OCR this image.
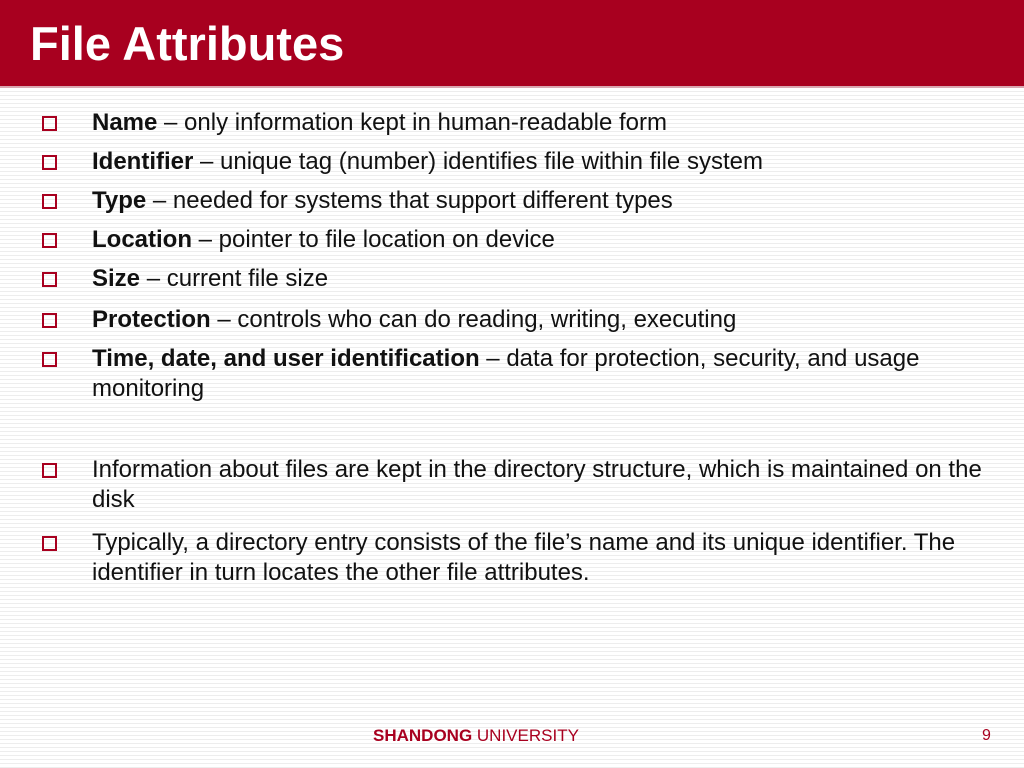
File Attributes
Name – only information kept in human-readable form
Identifier – unique tag (number) identifies file within file system
Type – needed for systems that support different types
Location – pointer to file location on device
Size – current file size
Protection – controls who can do reading, writing, executing
Time, date, and user identification – data for protection, security, and usage monitoring
Information about files are kept in the directory structure, which is maintained on the disk
Typically, a directory entry consists of the file’s name and its unique identifier. The identifier in turn locates the other file attributes.
SHANDONG UNIVERSITY	9
